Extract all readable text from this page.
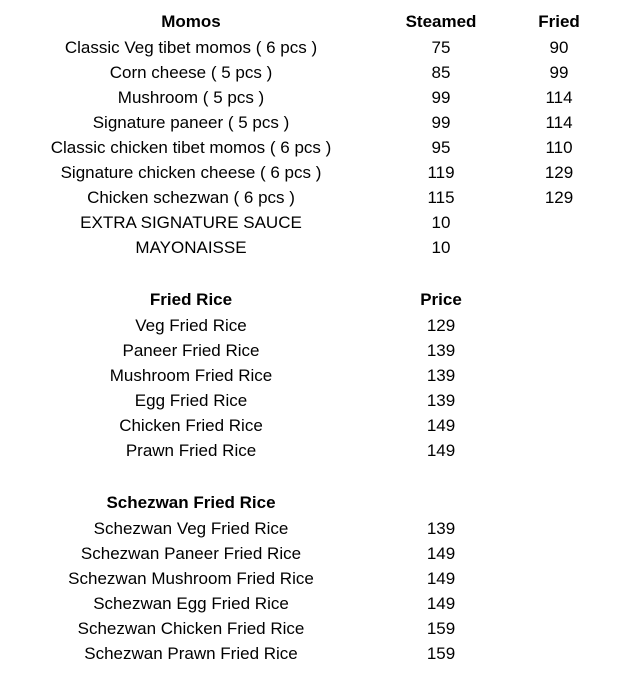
Momos	Steamed	Fried
Classic Veg tibet momos ( 6 pcs )	75	90
Corn cheese ( 5 pcs )	85	99
Mushroom ( 5 pcs )	99	114
Signature paneer ( 5 pcs )	99	114
Classic chicken tibet momos ( 6 pcs )	95	110
Signature chicken cheese ( 6 pcs )	119	129
Chicken schezwan ( 6 pcs )	115	129
EXTRA SIGNATURE SAUCE	10
MAYONAISSE	10
Fried Rice	Price
Veg Fried Rice	129
Paneer Fried Rice	139
Mushroom Fried Rice	139
Egg Fried Rice	139
Chicken Fried Rice	149
Prawn Fried Rice	149
Schezwan Fried Rice
Schezwan Veg Fried Rice	139
Schezwan Paneer Fried Rice	149
Schezwan Mushroom Fried Rice	149
Schezwan Egg Fried Rice	149
Schezwan Chicken Fried Rice	159
Schezwan Prawn Fried Rice	159
